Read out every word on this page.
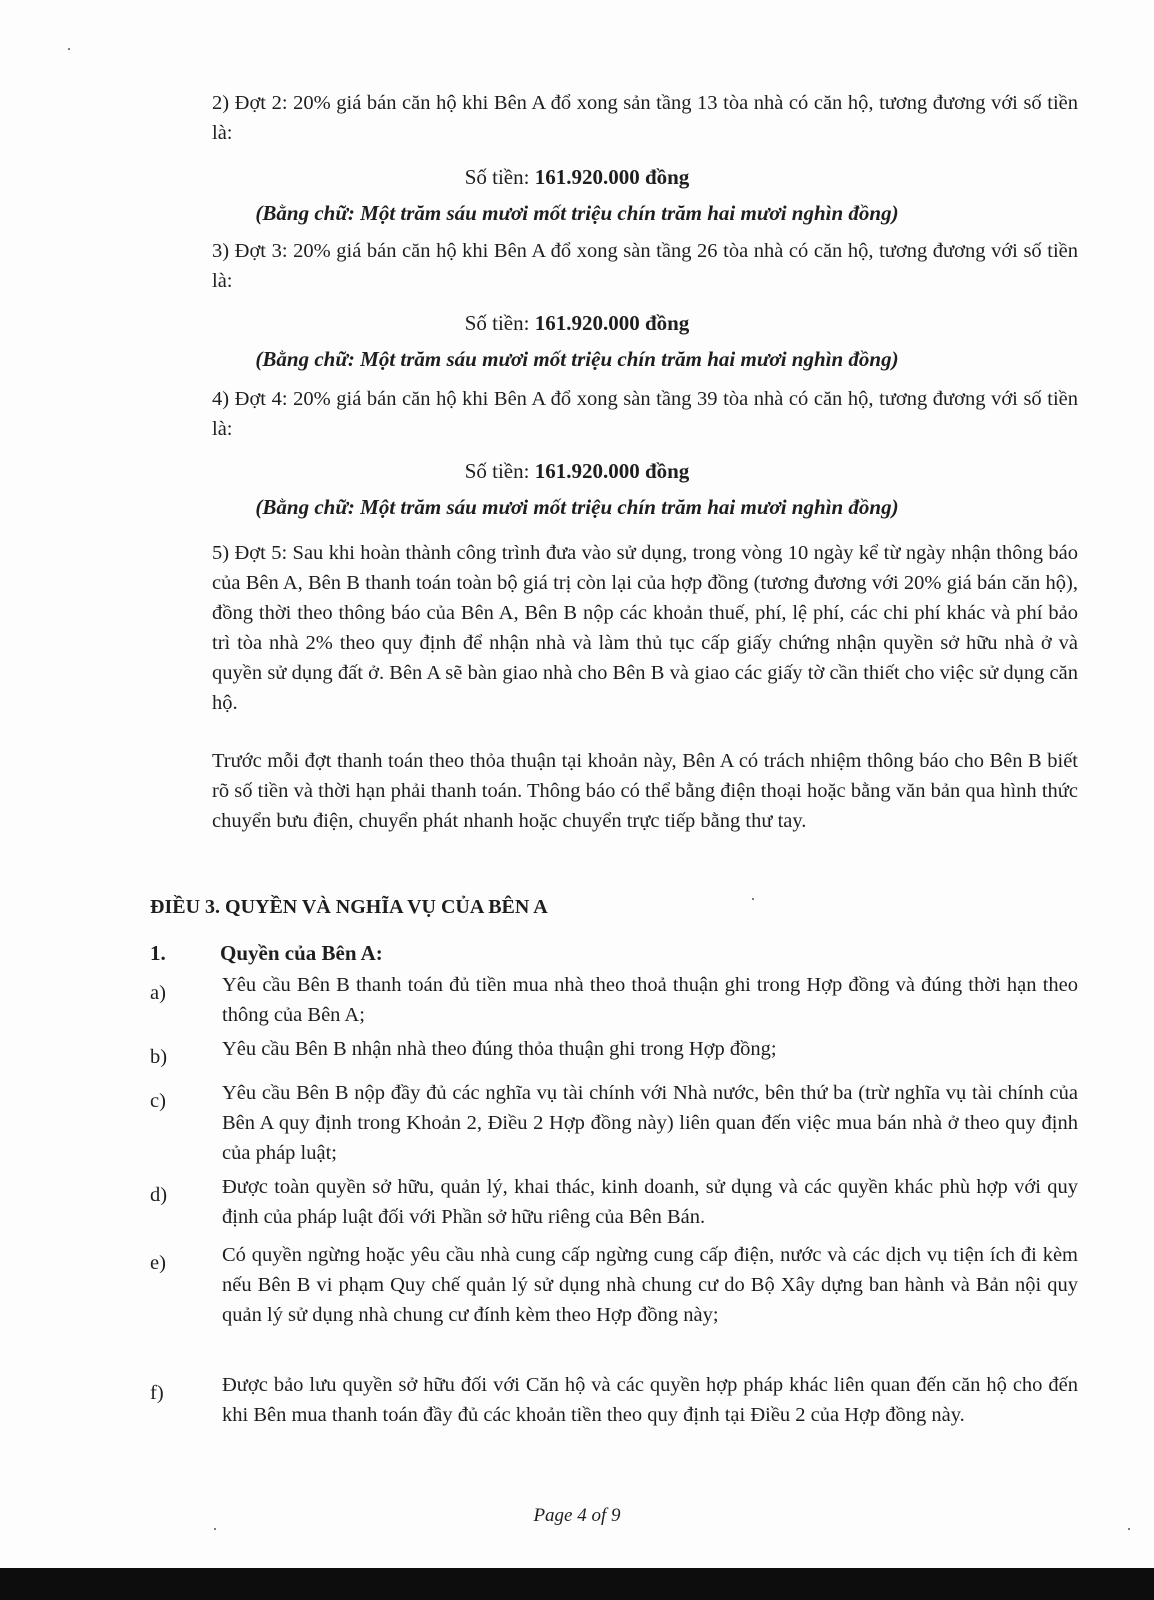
2) Đợt 2: 20% giá bán căn hộ khi Bên A đổ xong sản tầng 13 tòa nhà có căn hộ, tương đương với số tiền là:

Số tiền: 161.920.000 đồng
(Bằng chữ: Một trăm sáu mươi mốt triệu chín trăm hai mươi nghìn đồng)

3) Đợt 3: 20% giá bán căn hộ khi Bên A đổ xong sàn tầng 26 tòa nhà có căn hộ, tương đương với số tiền là:

Số tiền: 161.920.000 đồng
(Bằng chữ: Một trăm sáu mươi mốt triệu chín trăm hai mươi nghìn đồng)

4) Đợt 4: 20% giá bán căn hộ khi Bên A đổ xong sàn tầng 39 tòa nhà có căn hộ, tương đương với số tiền là:

Số tiền: 161.920.000 đồng
(Bằng chữ: Một trăm sáu mươi mốt triệu chín trăm hai mươi nghìn đồng)

5) Đợt 5: Sau khi hoàn thành công trình đưa vào sử dụng, trong vòng 10 ngày kể từ ngày nhận thông báo của Bên A, Bên B thanh toán toàn bộ giá trị còn lại của hợp đồng (tương đương với 20% giá bán căn hộ), đồng thời theo thông báo của Bên A, Bên B nộp các khoản thuế, phí, lệ phí, các chi phí khác và phí bảo trì tòa nhà 2% theo quy định để nhận nhà và làm thủ tục cấp giấy chứng nhận quyền sở hữu nhà ở và quyền sử dụng đất ở. Bên A sẽ bàn giao nhà cho Bên B và giao các giấy tờ cần thiết cho việc sử dụng căn hộ.

Trước mỗi đợt thanh toán theo thỏa thuận tại khoản này, Bên A có trách nhiệm thông báo cho Bên B biết rõ số tiền và thời hạn phải thanh toán. Thông báo có thể bằng điện thoại hoặc bằng văn bản qua hình thức chuyển bưu điện, chuyển phát nhanh hoặc chuyển trực tiếp bằng thư tay.

ĐIỀU 3. QUYỀN VÀ NGHĨA VỤ CỦA BÊN A
1.	Quyền của Bên A:
a)	Yêu cầu Bên B thanh toán đủ tiền mua nhà theo thoả thuận ghi trong Hợp đồng và đúng thời hạn theo thông của Bên A;
b)	Yêu cầu Bên B nhận nhà theo đúng thỏa thuận ghi trong Hợp đồng;
c)	Yêu cầu Bên B nộp đầy đủ các nghĩa vụ tài chính với Nhà nước, bên thứ ba (trừ nghĩa vụ tài chính của Bên A quy định trong Khoản 2, Điều 2 Hợp đồng này) liên quan đến việc mua bán nhà ở theo quy định của pháp luật;
d)	Được toàn quyền sở hữu, quản lý, khai thác, kinh doanh, sử dụng và các quyền khác phù hợp với quy định của pháp luật đối với Phần sở hữu riêng của Bên Bán.
e)	Có quyền ngừng hoặc yêu cầu nhà cung cấp ngừng cung cấp điện, nước và các dịch vụ tiện ích đi kèm nếu Bên B vi phạm Quy chế quản lý sử dụng nhà chung cư do Bộ Xây dựng ban hành và Bản nội quy quản lý sử dụng nhà chung cư đính kèm theo Hợp đồng này;
f)	Được bảo lưu quyền sở hữu đối với Căn hộ và các quyền hợp pháp khác liên quan đến căn hộ cho đến khi Bên mua thanh toán đầy đủ các khoản tiền theo quy định tại Điều 2 của Hợp đồng này.
Page 4 of 9
